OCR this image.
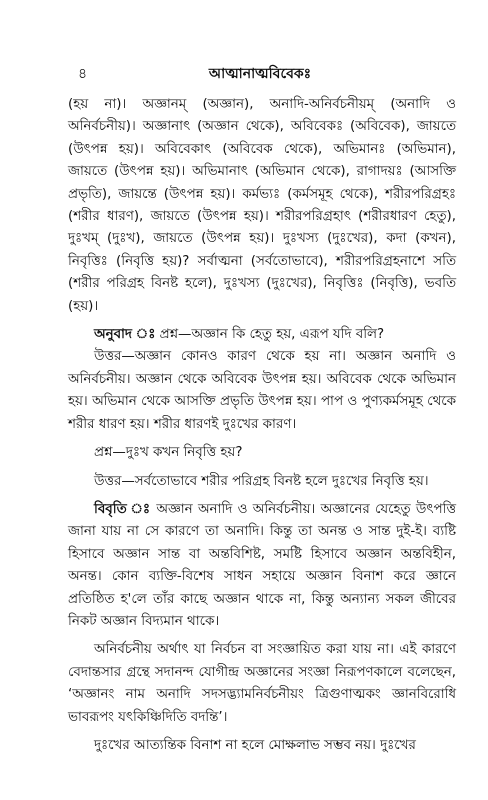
৪	আত্মানাত্মবিবেকঃ

(হয় না)। অজ্ঞানম্ (অজ্ঞান), অনাদি-অনির্বচনীয়ম্ (অনাদি ও অনির্বচনীয়)। অজ্ঞানাৎ (অজ্ঞান থেকে), অবিবেকঃ (অবিবেক), জায়তে (উৎপন্ন হয়)। অবিবেকাৎ (অবিবেক থেকে), অভিমানঃ (অভিমান), জায়তে (উৎপন্ন হয়)। অভিমানাৎ (অভিমান থেকে), রাগাদয়ঃ (আসক্তি প্রভৃতি), জায়ন্তে (উৎপন্ন হয়)। কর্মভ্যঃ (কর্মসমূহ থেকে), শরীরপরিগ্রহঃ (শরীর ধারণ), জায়তে (উৎপন্ন হয়)। শরীরপরিগ্রহাৎ (শরীরধারণ হেতু), দুঃখম্ (দুঃখ), জায়তে (উৎপন্ন হয়)। দুঃখস্য (দুঃখের), কদা (কখন), নিবৃত্তিঃ (নিবৃত্তি হয়)? সর্বাত্মনা (সর্বতোভাবে), শরীরপরিগ্রহনাশে সতি (শরীর পরিগ্রহ বিনষ্ট হলে), দুঃখস্য (দুঃখের), নিবৃত্তিঃ (নিবৃত্তি), ভবতি (হয়)।

অনুবাদ ঃ প্রশ্ন—অজ্ঞান কি হেতু হয়, এরূপ যদি বলি?

উত্তর—অজ্ঞান কোনও কারণ থেকে হয় না। অজ্ঞান অনাদি ও অনির্বচনীয়। অজ্ঞান থেকে অবিবেক উৎপন্ন হয়। অবিবেক থেকে অভিমান হয়। অভিমান থেকে আসক্তি প্রভৃতি উৎপন্ন হয়। পাপ ও পুণ্যকর্মসমূহ থেকে শরীর ধারণ হয়। শরীর ধারণই দুঃখের কারণ।

প্রশ্ন—দুঃখ কখন নিবৃত্তি হয়?

উত্তর—সর্বতোভাবে শরীর পরিগ্রহ বিনষ্ট হলে দুঃখের নিবৃত্তি হয়।

বিবৃতি ঃ অজ্ঞান অনাদি ও অনির্বচনীয়। অজ্ঞানের যেহেতু উৎপত্তি জানা যায় না সে কারণে তা অনাদি। কিন্তু তা অনন্ত ও সান্ত দুই-ই। ব্যষ্টি হিসাবে অজ্ঞান সান্ত বা অন্তবিশিষ্ট, সমষ্টি হিসাবে অজ্ঞান অন্তবিহীন, অনন্ত। কোন ব্যক্তি-বিশেষ সাধন সহায়ে অজ্ঞান বিনাশ করে জ্ঞানে প্রতিষ্ঠিত হ'লে তাঁর কাছে অজ্ঞান থাকে না, কিন্তু অন্যান্য সকল জীবের নিকট অজ্ঞান বিদ্যমান থাকে।

অনির্বচনীয় অর্থাৎ যা নির্বচন বা সংজ্ঞায়িত করা যায় না। এই কারণে বেদান্তসার গ্রন্থে সদানন্দ যোগীন্দ্র অজ্ঞানের সংজ্ঞা নিরূপণকালে বলেছেন, ‘অজ্ঞানং নাম অনাদি সদসদ্ভ্যামনির্বচনীয়ং ত্রিগুণাত্মকং জ্ঞানবিরোধি ভাবরূপং যৎকিঞ্চিদিতি বদন্তি’।

দুঃখের আত্যন্তিক বিনাশ না হলে মোক্ষলাভ সম্ভব নয়। দুঃখের
